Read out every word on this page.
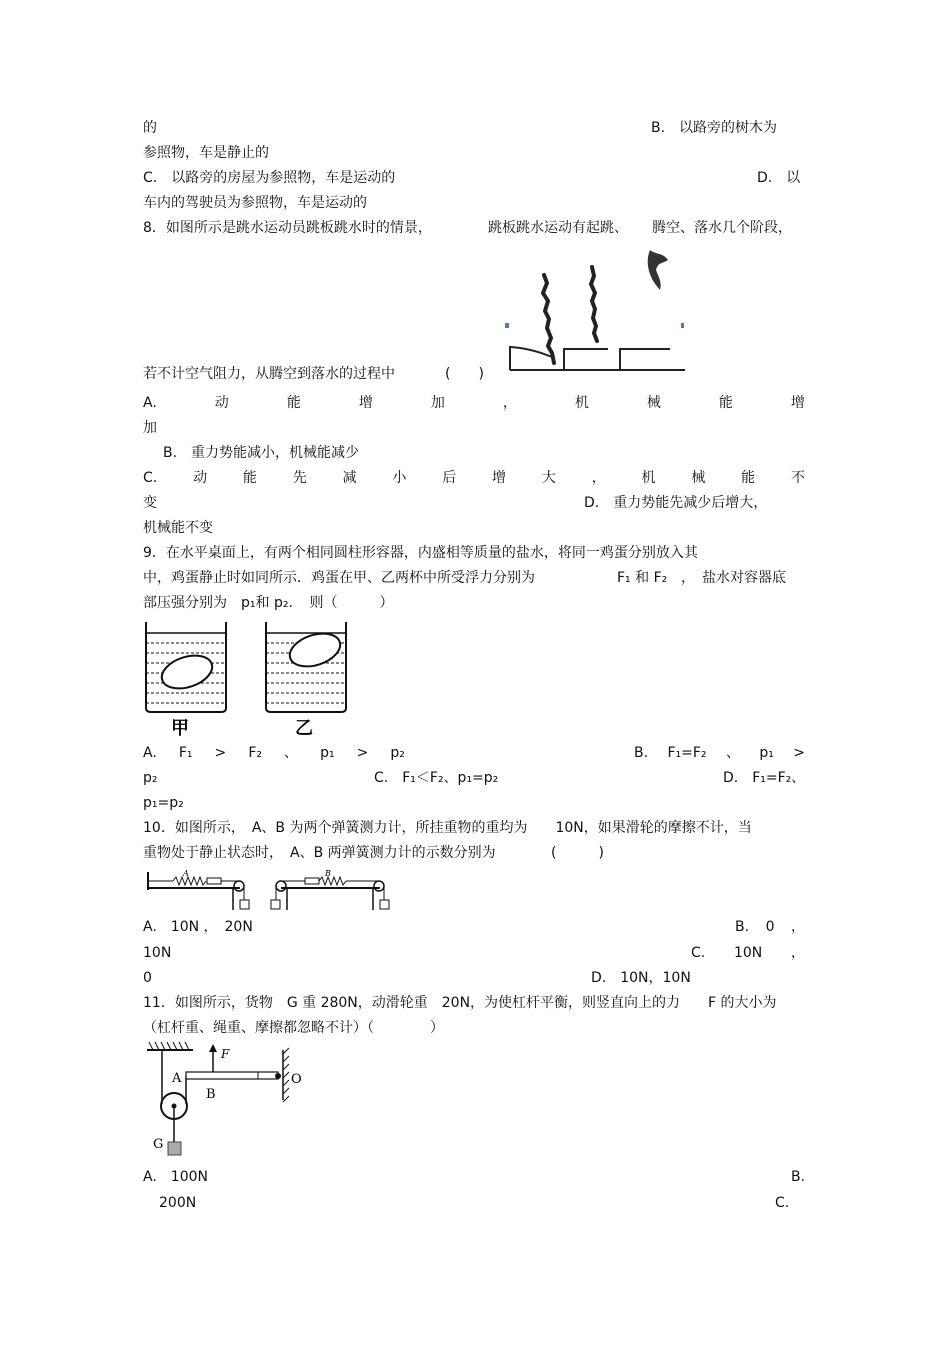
的	B.　以路旁的树木为
参照物，车是静止的
C.　以路旁的房屋为参照物，车是运动的	D.　以
车内的驾驶员为参照物，车是运动的
8．如图所示是跳水运动员跳板跳水时的情景，	跳板跳水运动有起跳、 腾空、落水几个阶段，
若不计空气阻力，从腾空到落水的过程中	(　　)
A.	动	能	增	加	，	机	械	能	增
加
B.　重力势能减小，机械能减少
C.	动	能	先	减	小	后	增	大	，	机	械	能	不
变	D.　重力势能先减少后增大，
机械能不变
9．在水平桌面上，有两个相同圆柱形容器，内盛相等质量的盐水，将同一鸡蛋分别放入其
中，鸡蛋静止时如同所示．鸡蛋在甲、乙两杯中所受浮力分别为	F₁ 和 F₂ ，　盐水对容器底
部压强分别为　p₁和 p₂．　则（　　　）
甲	乙
A. F₁ > F₂ 、 p₁ > p₂	B. F₁=F₂ 、 p₁ >
p₂	C.　F₁＜F₂、p₁=p₂	D.　F₁=F₂、
p₁=p₂
10．如图所示，　A、B 为两个弹簧测力计，所挂重物的重均为　　10N，如果滑轮的摩擦不计，当
重物处于静止状态时，　A、B 两弹簧测力计的示数分别为	(　　　)
A	B
A.　10N ，　20N	B. 0 ，
10N	C. 10N ，
0	D.　10N，10N
11．如图所示，货物　G 重 280N，动滑轮重　20N，为使杠杆平衡，则竖直向上的力　　F 的大小为
（杠杆重、绳重、摩擦都忽略不计）（　　　　）
F
A
B
O
G
A.　100N	B.
200N	C.
